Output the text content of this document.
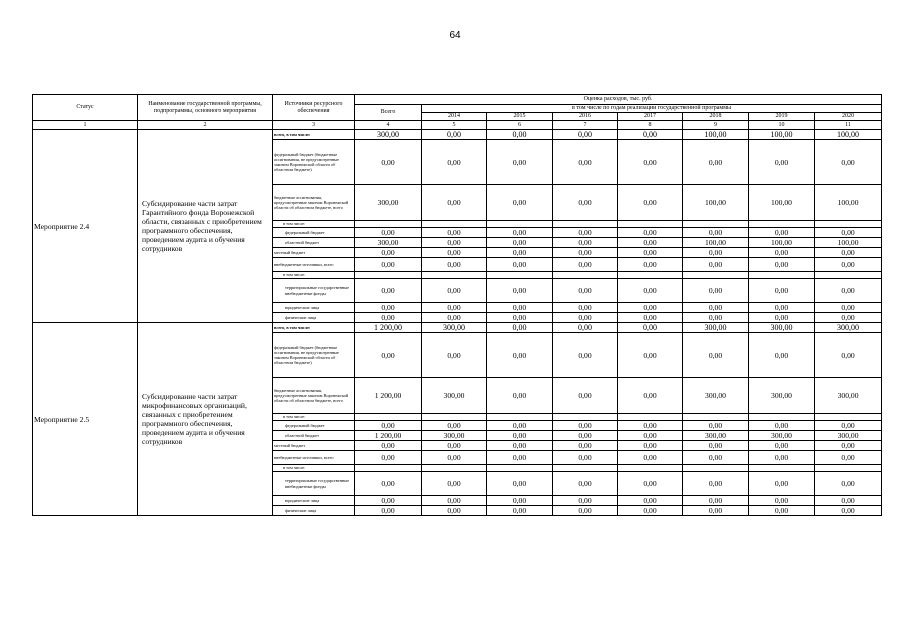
64
Статус	Наименование государственной программы, подпрограммы, основного мероприятия	Источники ресурсного обеспечения	Оценка расходов, тыс. руб.							
			Всего	в том числе по годам реализации государственной программы						
				2014	2015	2016	2017	2018	2019	2020
1	2	3	4	5	6	7	8	9	10	11
Мероприятие 2.4	Субсидирование части затрат Гарантийного фонда Воронежской области, связанных с приобретением программного обеспечения, проведением аудита и обучения сотрудников	всего, в том числе:	300,00	0,00	0,00	0,00	0,00	100,00	100,00	100,00
		федеральный бюджет (бюджетные ассигнования, не предусмотренные законом Воронежской области об областном бюджете)	0,00	0,00	0,00	0,00	0,00	0,00	0,00	0,00
		бюджетные ассигнования, предусмотренные законом Воронежской области об областном бюджете, всего	300,00	0,00	0,00	0,00	0,00	100,00	100,00	100,00
		в том числе:								
		федеральный бюджет	0,00	0,00	0,00	0,00	0,00	0,00	0,00	0,00
		областной бюджет	300,00	0,00	0,00	0,00	0,00	100,00	100,00	100,00
		местный бюджет	0,00	0,00	0,00	0,00	0,00	0,00	0,00	0,00
		внебюджетные источники, всего	0,00	0,00	0,00	0,00	0,00	0,00	0,00	0,00
		в том числе:								
		территориальные государственные внебюджетные фонды	0,00	0,00	0,00	0,00	0,00	0,00	0,00	0,00
		юридические лица	0,00	0,00	0,00	0,00	0,00	0,00	0,00	0,00
		физические лица	0,00	0,00	0,00	0,00	0,00	0,00	0,00	0,00
Мероприятие 2.5	Субсидирование части затрат микрофинансовых организаций, связанных с приобретением программного обеспечения, проведением аудита и обучения сотрудников	всего, в том числе:	1 200,00	300,00	0,00	0,00	0,00	300,00	300,00	300,00
		федеральный бюджет (бюджетные ассигнования, не предусмотренные законом Воронежской области об областном бюджете)	0,00	0,00	0,00	0,00	0,00	0,00	0,00	0,00
		бюджетные ассигнования, предусмотренные законом Воронежской области об областном бюджете, всего	1 200,00	300,00	0,00	0,00	0,00	300,00	300,00	300,00
		в том числе:								
		федеральный бюджет	0,00	0,00	0,00	0,00	0,00	0,00	0,00	0,00
		областной бюджет	1 200,00	300,00	0,00	0,00	0,00	300,00	300,00	300,00
		местный бюджет	0,00	0,00	0,00	0,00	0,00	0,00	0,00	0,00
		внебюджетные источники, всего	0,00	0,00	0,00	0,00	0,00	0,00	0,00	0,00
		в том числе:								
		территориальные государственные внебюджетные фонды	0,00	0,00	0,00	0,00	0,00	0,00	0,00	0,00
		юридические лица	0,00	0,00	0,00	0,00	0,00	0,00	0,00	0,00
		физические лица	0,00	0,00	0,00	0,00	0,00	0,00	0,00	0,00
